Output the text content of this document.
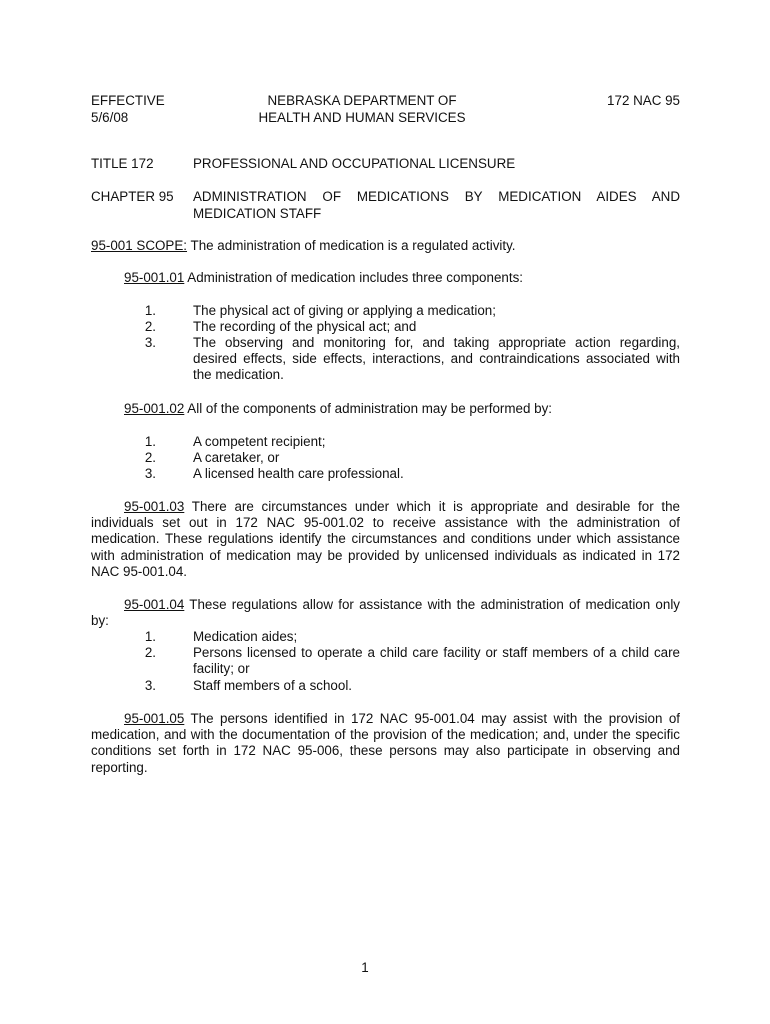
EFFECTIVE
5/6/08
NEBRASKA DEPARTMENT OF
HEALTH AND HUMAN SERVICES
172 NAC 95
TITLE 172	PROFESSIONAL AND OCCUPATIONAL LICENSURE
CHAPTER 95 ADMINISTRATION OF MEDICATIONS BY MEDICATION AIDES AND MEDICATION STAFF
95-001 SCOPE: The administration of medication is a regulated activity.
95-001.01 Administration of medication includes three components:
1.	The physical act of giving or applying a medication;
2.	The recording of the physical act; and
3.	The observing and monitoring for, and taking appropriate action regarding, desired effects, side effects, interactions, and contraindications associated with the medication.
95-001.02 All of the components of administration may be performed by:
1.	A competent recipient;
2.	A caretaker, or
3.	A licensed health care professional.
95-001.03 There are circumstances under which it is appropriate and desirable for the individuals set out in 172 NAC 95-001.02 to receive assistance with the administration of medication. These regulations identify the circumstances and conditions under which assistance with administration of medication may be provided by unlicensed individuals as indicated in 172 NAC 95-001.04.
95-001.04 These regulations allow for assistance with the administration of medication only by:
1.	Medication aides;
2.	Persons licensed to operate a child care facility or staff members of a child care facility; or
3.	Staff members of a school.
95-001.05 The persons identified in 172 NAC 95-001.04 may assist with the provision of medication, and with the documentation of the provision of the medication; and, under the specific conditions set forth in 172 NAC 95-006, these persons may also participate in observing and reporting.
1
